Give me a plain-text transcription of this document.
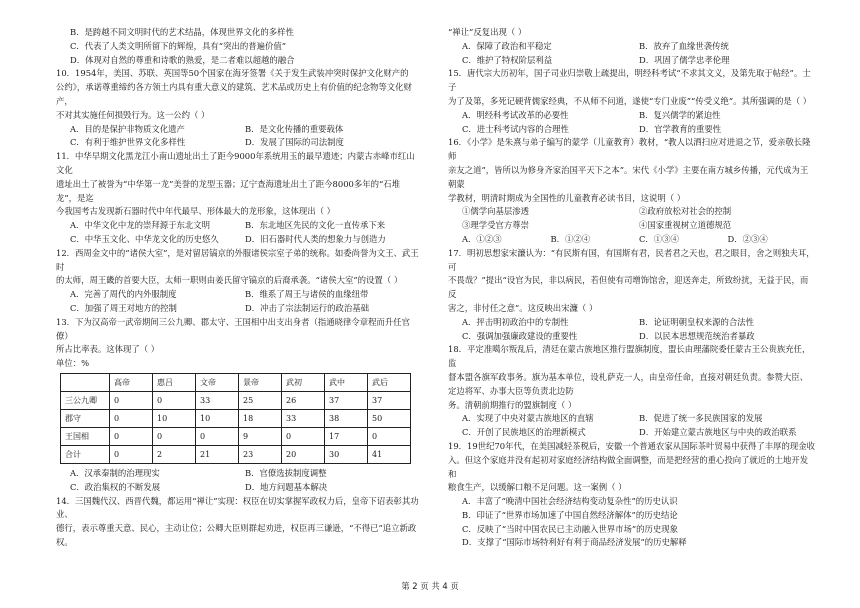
B．是跨越不同文明时代的艺术结晶，体现世界文化的多样性

C．代表了人类文明所留下的辉煌，具有“突出的普遍价值”

D．体现对自然的尊重和诗歌的熟爱，是二者难以超越的融合

10．1954年，美国、苏联、英国等50个国家在海牙签署《关于发生武装冲突时保护文化财产的

公约》，承诺尊重缔约各方领土内具有重大意义的建筑、艺术品或历史上有价值的纪念物等文化财产，

不对其实施任何损毁行为。这一公约（ ）

A．目的是保护非物质文化遗产	B．是文化传播的重要载体
C．有利于维护世界文化多样性	D．发展了国际的司法制度

11．中华早期文化黑龙江小南山遗址出土了距今9000年系统用玉的最早遗迹；内蒙古赤峰市红山文化

遗址出土了被誉为“中华第一龙”美誉的龙型玉器；辽宁查海遗址出土了距今8000多年的“石堆龙”，是迄

今我国考古发现新石器时代中年代最早、形体最大的龙形象，这体现出（ ）

A．中华文化中龙的崇拜源于东北文明	B．东北地区先民的文化一直传承下来
C．中华玉文化、中华龙文化的历史悠久	D．旧石器时代人类的想象力与创造力

12．西周金文中的“诸侯大室”，是对留居镐京的外服诸侯宗室子弟的统称。如委尚誉为文王、武王时

的太师，周王畿的首要大臣，太师一职则由姜氏留守镐京的后裔承袭。“诸侯大室”的设置（ ）

A．完善了周代的内外服制度	B．维系了周王与诸侯的血缘纽带
C．加强了周王对地方的控制	D．冲击了宗法制运行的政治基础

13．下为汉高帝一武帝期间三公九卿、郡太守、王国相中出支出身者（指通晓律令章程而升任官僚）

所占比率表。这体现了（ ）

单位：%

	高帝	惠吕	文帝	景帝	武初	武中	武后
三公九卿	0	0	33	25	26	37	37
郡守	0	10	10	18	33	38	50
王国相	0	0	0	9	0	17	0
合计	0	2	21	23	20	30	41
A．汉承秦制的治理现实	B．官僚选拔制度调整
C．政治集权的不断发展	D．地方问题基本解决

14．三国魏代汉、西晋代魏，都运用“禅让”实现：权臣在切实掌握军政权力后，皇帝下诏表彰其功业、

德行，表示尊重天意、民心，主动让位；公卿大臣则群起劝进，权臣再三谦逊，“不得已”追立新政权。

“禅让”反复出现（ ）

A．保障了政治和平稳定	B．放弃了血缘世袭传统
C．维护了特权阶层利益	D．巩固了儒学忠孝伦理

15．唐代宗大历初年，国子司业归崇敬上疏提出，明经科考试“不求其文义，及第先取于帖经”。士子

为了及第，多死记硬背儒家经典，不从师不问道，遂使“专门业废”“传受义绝”。其所强调的是（ ）

A．明经科考试改革的必要性	B．复兴儒学的紧迫性
C．进士科考试内容的合理性	D．官学教育的重要性

16．《小学》是朱熹与弟子编写的蒙学（儿童教育）教材，“教人以洒扫应对进退之节，爱亲敬长隆师

亲友之道”，皆所以为修身齐家治国平天下之本”。宋代《小学》主要在南方城乡传播，元代成为王朝蒙

学教材，明清时期成为全国性的儿童教育必读书目，这说明（ ）

①儒学向基层渗透	②政府放松对社会的控制
③理学受官方尊崇	④国家重视树立道德规范
A．①②③	B．①②④	C．①③④	D．②③④

17．明初思想家宋濂认为：“有民斯有国，有国斯有君，民者君之天也，君之眼目，舍之则独夫耳，可

不畏哉？”提出“设官为民，非以病民，若但使有司增饰馆舍，迎送奔走，所致纷扰，无益于民，而反

害之，非付任之意”。这反映出宋濂（ ）

A．抨击明初政治中的专制性	B．论证明朝皇权来源的合法性
C．强调加强廉政建设的重要性	D．以民本思想规范统治者暴政

18．平定准噶尔叛乱后，清廷在蒙古族地区推行盟旗制度，盟长由理藩院委任蒙古王公贵族充任，监

督本盟各旗军政事务。旗为基本单位，设札萨克一人，由皇帝任命，直接对朝廷负责。参赞大臣、定边将军、办事大臣等负责北边防

务。清朝前期推行的盟旗制度（ ）

A．实现了中央对蒙古族地区的直辖	B．促进了统一多民族国家的发展
C．开创了民族地区的治理新模式	D．开始建立蒙古族地区与中央的政治联系

19．19世纪70年代，在美国减轻茶税后，安徽一个普通农家从国际茶叶贸易中获得了丰厚的现金收

入。但这个家庭并没有起初对家庭经济结构做全面调整，而是把经营的重心投向了就近的土地开发和

粮食生产，以缓解口粮不足问题。这一案例（ ）

A．丰富了“晚清中国社会经济结构变动复杂性”的历史认识

B．印证了“世界市场加速了中国自然经济解体”的历史结论

C．反映了“当时中国农民已主动融入世界市场”的历史现象

D．支撑了“国际市场特利好有利于商品经济发展”的历史解释

第 2 页 共 4 页
